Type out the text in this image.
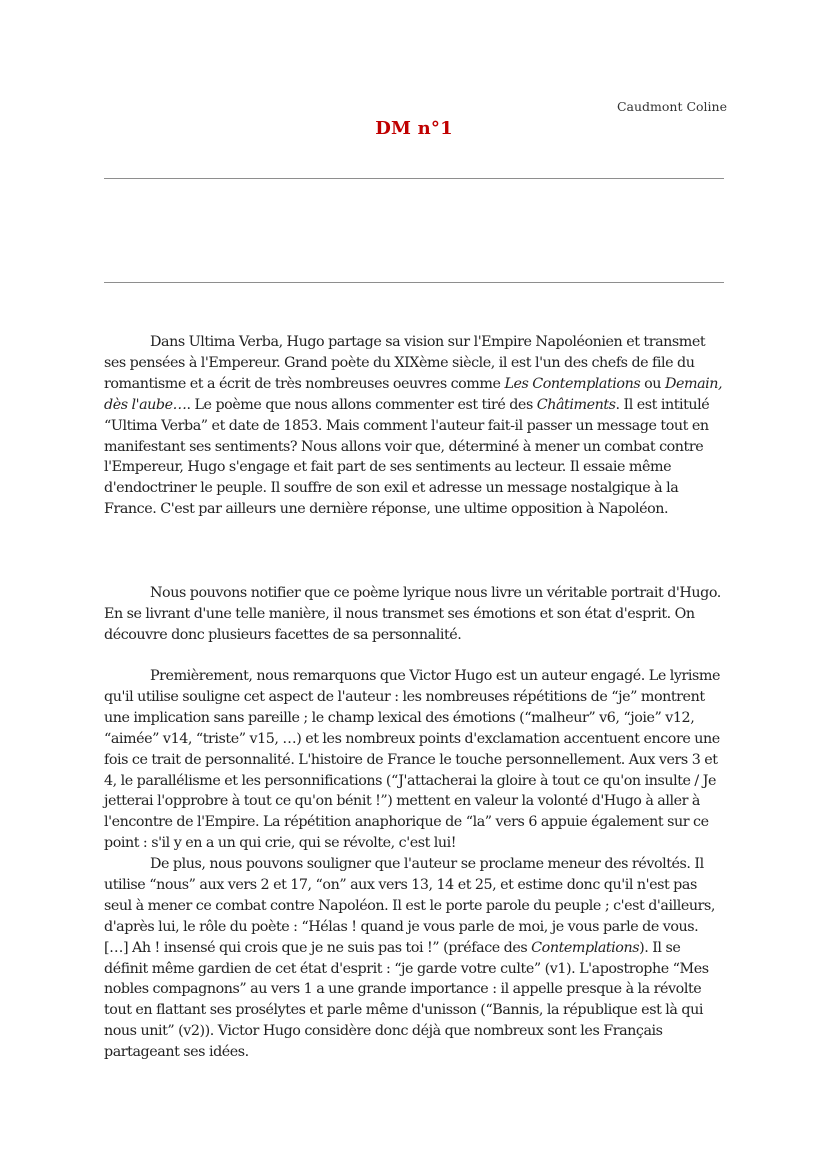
Caudmont Coline
DM n°1

Dans Ultima Verba, Hugo partage sa vision sur l'Empire Napoléonien et transmet ses pensées à l'Empereur. Grand poète du XIXème siècle, il est l'un des chefs de file du romantisme et a écrit de très nombreuses oeuvres comme Les Contemplations ou Demain, dès l'aube…. Le poème que nous allons commenter est tiré des Châtiments. Il est intitulé “Ultima Verba” et date de 1853. Mais comment l'auteur fait-il passer un message tout en manifestant ses sentiments? Nous allons voir que, déterminé à mener un combat contre l'Empereur, Hugo s'engage et fait part de ses sentiments au lecteur. Il essaie même d'endoctriner le peuple. Il souffre de son exil et adresse un message nostalgique à la France. C'est par ailleurs une dernière réponse, une ultime opposition à Napoléon.

Nous pouvons notifier que ce poème lyrique nous livre un véritable portrait d'Hugo. En se livrant d'une telle manière, il nous transmet ses émotions et son état d'esprit. On découvre donc plusieurs facettes de sa personnalité.

Premièrement, nous remarquons que Victor Hugo est un auteur engagé. Le lyrisme qu'il utilise souligne cet aspect de l'auteur : les nombreuses répétitions de “je” montrent une implication sans pareille ; le champ lexical des émotions (“malheur” v6, “joie” v12, “aimée” v14, “triste” v15, …) et les nombreux points d'exclamation accentuent encore une fois ce trait de personnalité. L'histoire de France le touche personnellement. Aux vers 3 et 4, le parallélisme et les personnifications (“J'attacherai la gloire à tout ce qu'on insulte / Je jetterai l'opprobre à tout ce qu'on bénit !”) mettent en valeur la volonté d'Hugo à aller à l'encontre de l'Empire. La répétition anaphorique de “la” vers 6 appuie également sur ce point : s'il y en a un qui crie, qui se révolte, c'est lui!

De plus, nous pouvons souligner que l'auteur se proclame meneur des révoltés. Il utilise “nous” aux vers 2 et 17, “on” aux vers 13, 14 et 25, et estime donc qu'il n'est pas seul à mener ce combat contre Napoléon. Il est le porte parole du peuple ; c'est d'ailleurs, d'après lui, le rôle du poète : “Hélas ! quand je vous parle de moi, je vous parle de vous. […] Ah ! insensé qui crois que je ne suis pas toi !” (préface des Contemplations). Il se définit même gardien de cet état d'esprit : “je garde votre culte” (v1). L'apostrophe “Mes nobles compagnons” au vers 1 a une grande importance : il appelle presque à la révolte tout en flattant ses prosélytes et parle même d'unisson (“Bannis, la république est là qui nous unit” (v2)). Victor Hugo considère donc déjà que nombreux sont les Français partageant ses idées.
